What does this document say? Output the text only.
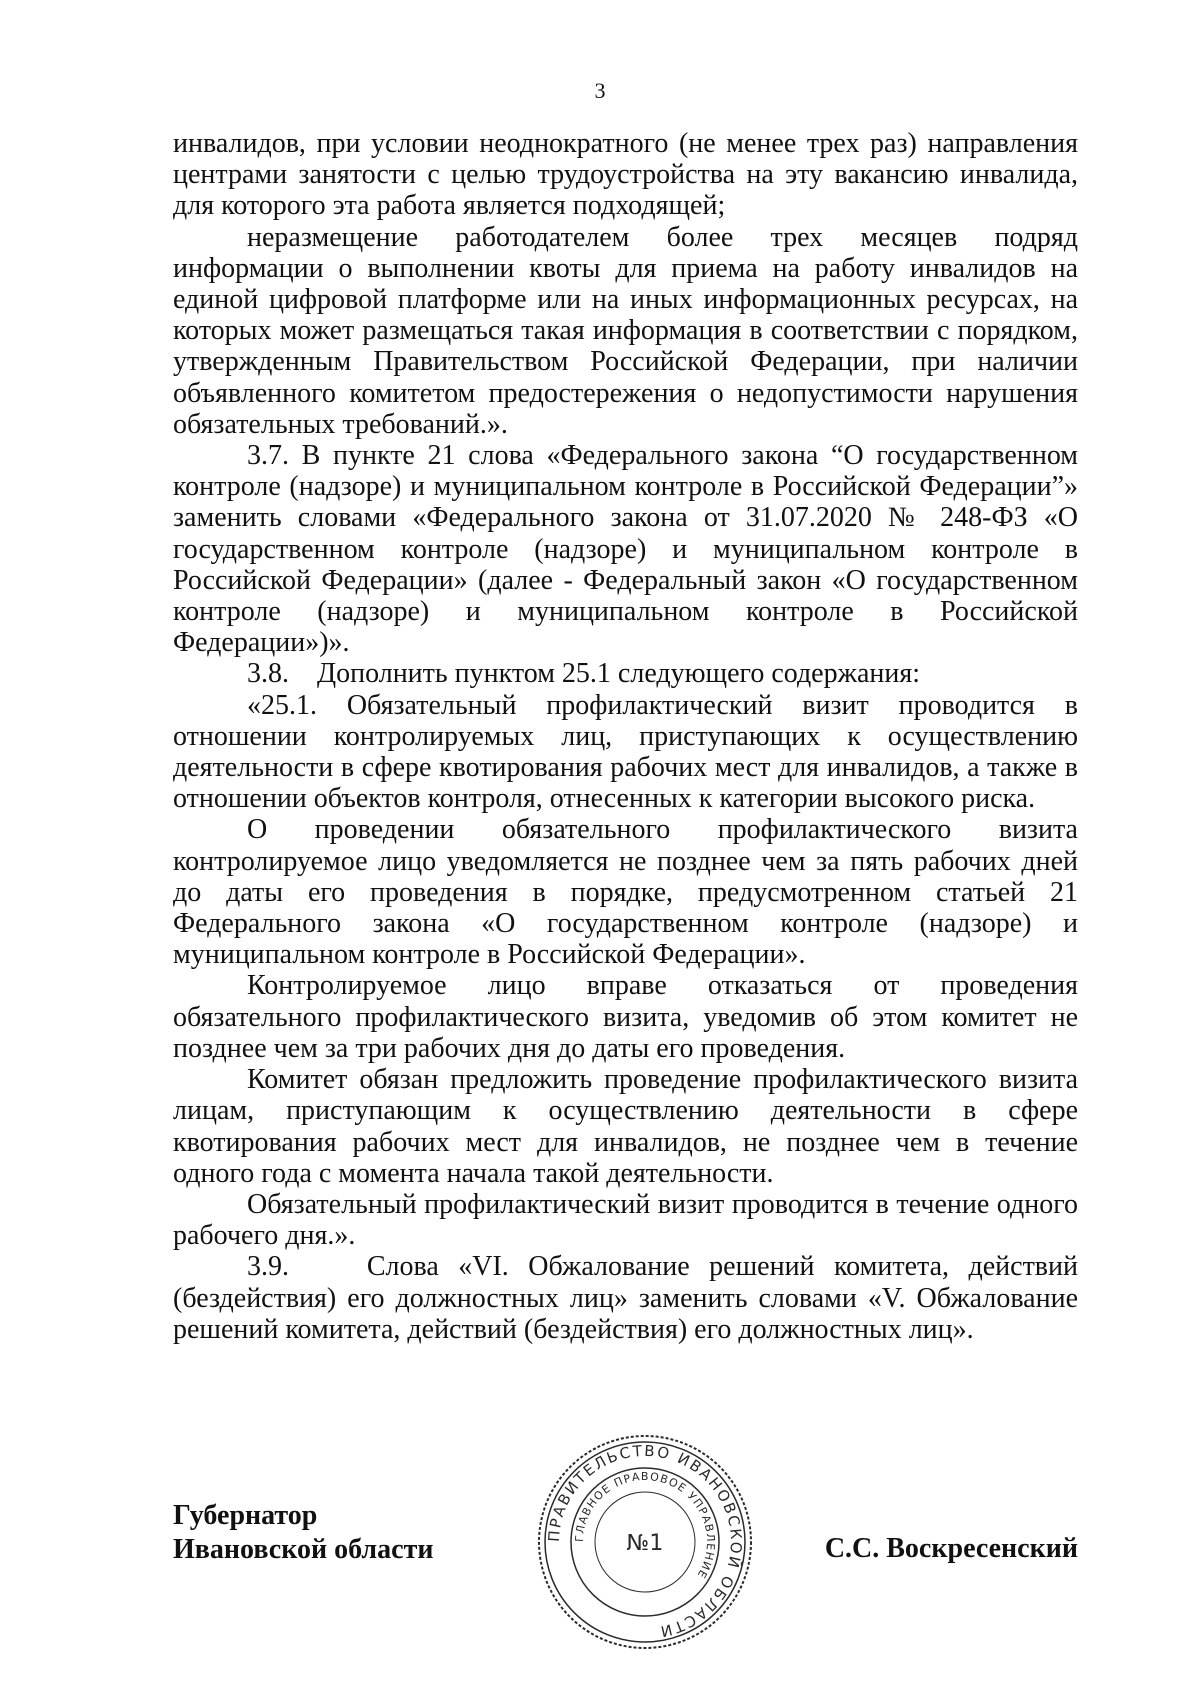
3

инвалидов, при условии неоднократного (не менее трех раз) направления центрами занятости с целью трудоустройства на эту вакансию инвалида, для которого эта работа является подходящей;

неразмещение работодателем более трех месяцев подряд информации о выполнении квоты для приема на работу инвалидов на единой цифровой платформе или на иных информационных ресурсах, на которых может размещаться такая информация в соответствии с порядком, утвержденным Правительством Российской Федерации, при наличии объявленного комитетом предостережения о недопустимости нарушения обязательных требований.».

3.7. В пункте 21 слова «Федерального закона “О государственном контроле (надзоре) и муниципальном контроле в Российской Федерации”» заменить словами «Федерального закона от 31.07.2020 № 248-ФЗ «О государственном контроле (надзоре) и муниципальном контроле в Российской Федерации» (далее - Федеральный закон «О государственном контроле (надзоре) и муниципальном контроле в Российской Федерации»)».

3.8.    Дополнить пунктом 25.1 следующего содержания:

«25.1. Обязательный профилактический визит проводится в отношении контролируемых лиц, приступающих к осуществлению деятельности в сфере квотирования рабочих мест для инвалидов, а также в отношении объектов контроля, отнесенных к категории высокого риска.

О проведении обязательного профилактического визита контролируемое лицо уведомляется не позднее чем за пять рабочих дней до даты его проведения в порядке, предусмотренном статьей 21 Федерального закона «О государственном контроле (надзоре) и муниципальном контроле в Российской Федерации».

Контролируемое лицо вправе отказаться от проведения обязательного профилактического визита, уведомив об этом комитет не позднее чем за три рабочих дня до даты его проведения.

Комитет обязан предложить проведение профилактического визита лицам, приступающим к осуществлению деятельности в сфере квотирования рабочих мест для инвалидов, не позднее чем в течение одного года с момента начала такой деятельности.

Обязательный профилактический визит проводится в течение одного рабочего дня.».

3.9.    Слова «VI. Обжалование решений комитета, действий (бездействия) его должностных лиц» заменить словами «V. Обжалование решений комитета, действий (бездействия) его должностных лиц».

Губернатор
Ивановской области	ПРАВИТЕЛЬСТВО ИВАНОВСКОЙ ОБЛАСТИ
ГЛАВНОЕ ПРАВОВОЕ УПРАВЛЕНИЕ
№1	С.С. Воскресенский
